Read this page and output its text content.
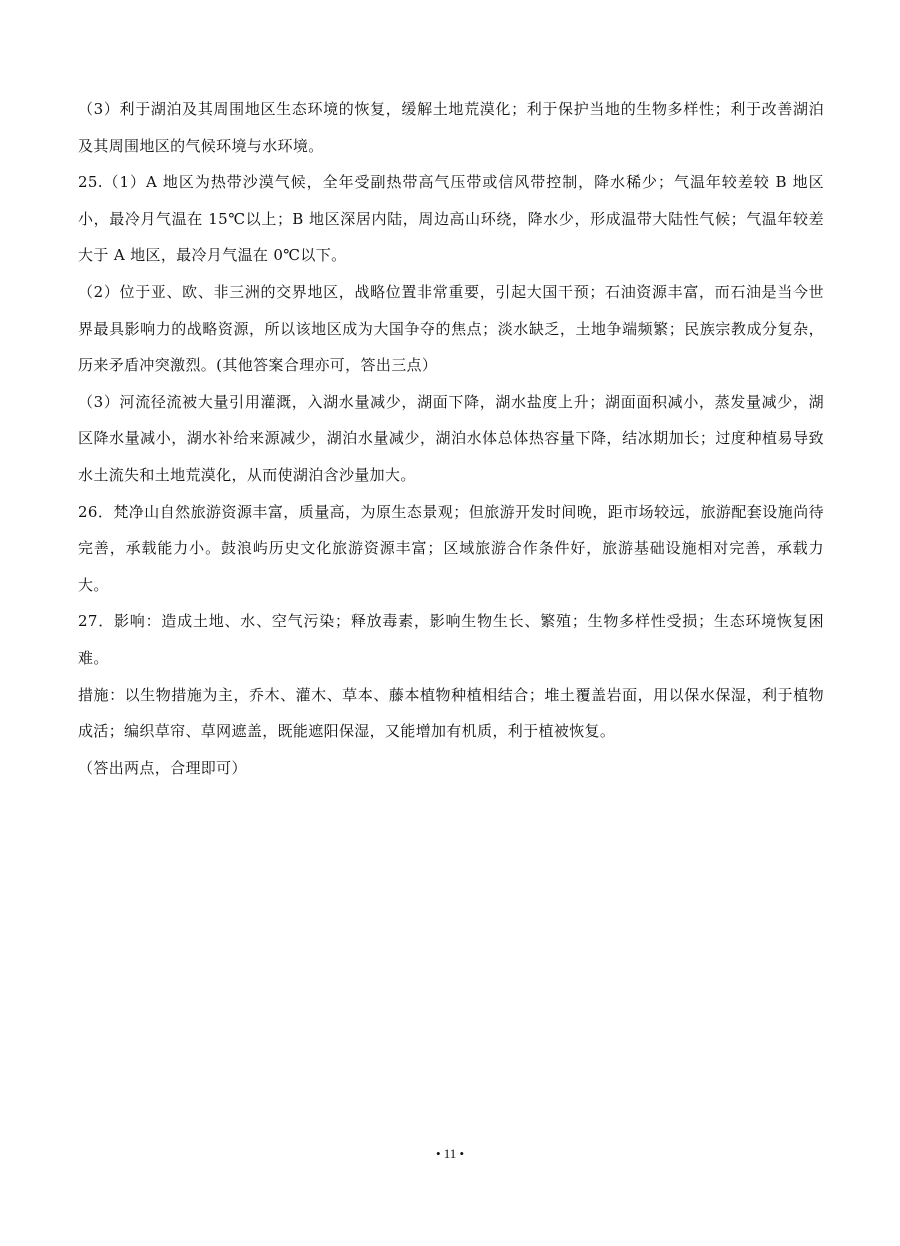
（3）利于湖泊及其周围地区生态环境的恢复，缓解土地荒漠化；利于保护当地的生物多样性；利于改善湖泊及其周围地区的气候环境与水环境。

25.（1）A 地区为热带沙漠气候，全年受副热带高气压带或信风带控制，降水稀少；气温年较差较 B 地区小，最冷月气温在 15℃以上；B 地区深居内陆，周边高山环绕，降水少，形成温带大陆性气候；气温年较差大于 A 地区，最冷月气温在 0℃以下。

（2）位于亚、欧、非三洲的交界地区，战略位置非常重要，引起大国干预；石油资源丰富，而石油是当今世界最具影响力的战略资源，所以该地区成为大国争夺的焦点；淡水缺乏，土地争端频繁；民族宗教成分复杂，历来矛盾冲突激烈。(其他答案合理亦可，答出三点）

（3）河流径流被大量引用灌溉，入湖水量减少，湖面下降，湖水盐度上升；湖面面积减小，蒸发量减少，湖区降水量减小，湖水补给来源减少，湖泊水量减少，湖泊水体总体热容量下降，结冰期加长；过度种植易导致水土流失和土地荒漠化，从而使湖泊含沙量加大。

26．梵净山自然旅游资源丰富，质量高，为原生态景观；但旅游开发时间晚，距市场较远，旅游配套设施尚待完善，承载能力小。鼓浪屿历史文化旅游资源丰富；区域旅游合作条件好，旅游基础设施相对完善，承载力大。

27．影响：造成土地、水、空气污染；释放毒素，影响生物生长、繁殖；生物多样性受损；生态环境恢复困难。

措施：以生物措施为主，乔木、灌木、草本、藤本植物种植相结合；堆土覆盖岩面，用以保水保湿，利于植物成活；编织草帘、草网遮盖，既能遮阳保湿，又能增加有机质，利于植被恢复。

（答出两点，合理即可）

• 11 •
